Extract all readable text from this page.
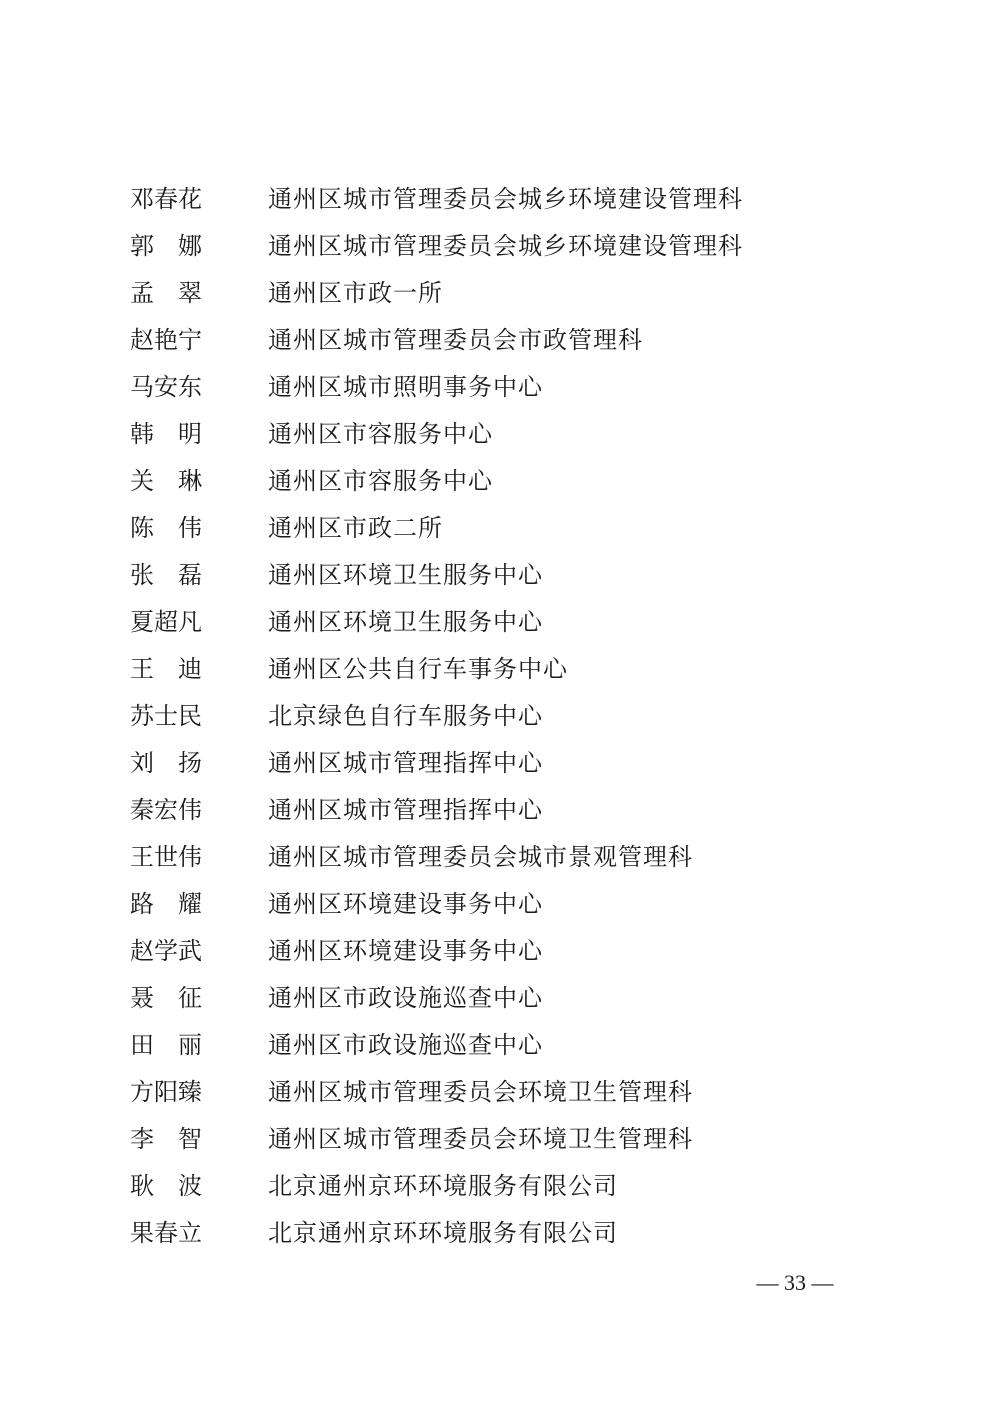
邓春花	通州区城市管理委员会城乡环境建设管理科
郭　娜	通州区城市管理委员会城乡环境建设管理科
孟　翠	通州区市政一所
赵艳宁	通州区城市管理委员会市政管理科
马安东	通州区城市照明事务中心
韩　明	通州区市容服务中心
关　琳	通州区市容服务中心
陈　伟	通州区市政二所
张　磊	通州区环境卫生服务中心
夏超凡	通州区环境卫生服务中心
王　迪	通州区公共自行车事务中心
苏士民	北京绿色自行车服务中心
刘　扬	通州区城市管理指挥中心
秦宏伟	通州区城市管理指挥中心
王世伟	通州区城市管理委员会城市景观管理科
路　耀	通州区环境建设事务中心
赵学武	通州区环境建设事务中心
聂　征	通州区市政设施巡查中心
田　丽	通州区市政设施巡查中心
方阳臻	通州区城市管理委员会环境卫生管理科
李　智	通州区城市管理委员会环境卫生管理科
耿　波	北京通州京环环境服务有限公司
果春立	北京通州京环环境服务有限公司
— 33 —
